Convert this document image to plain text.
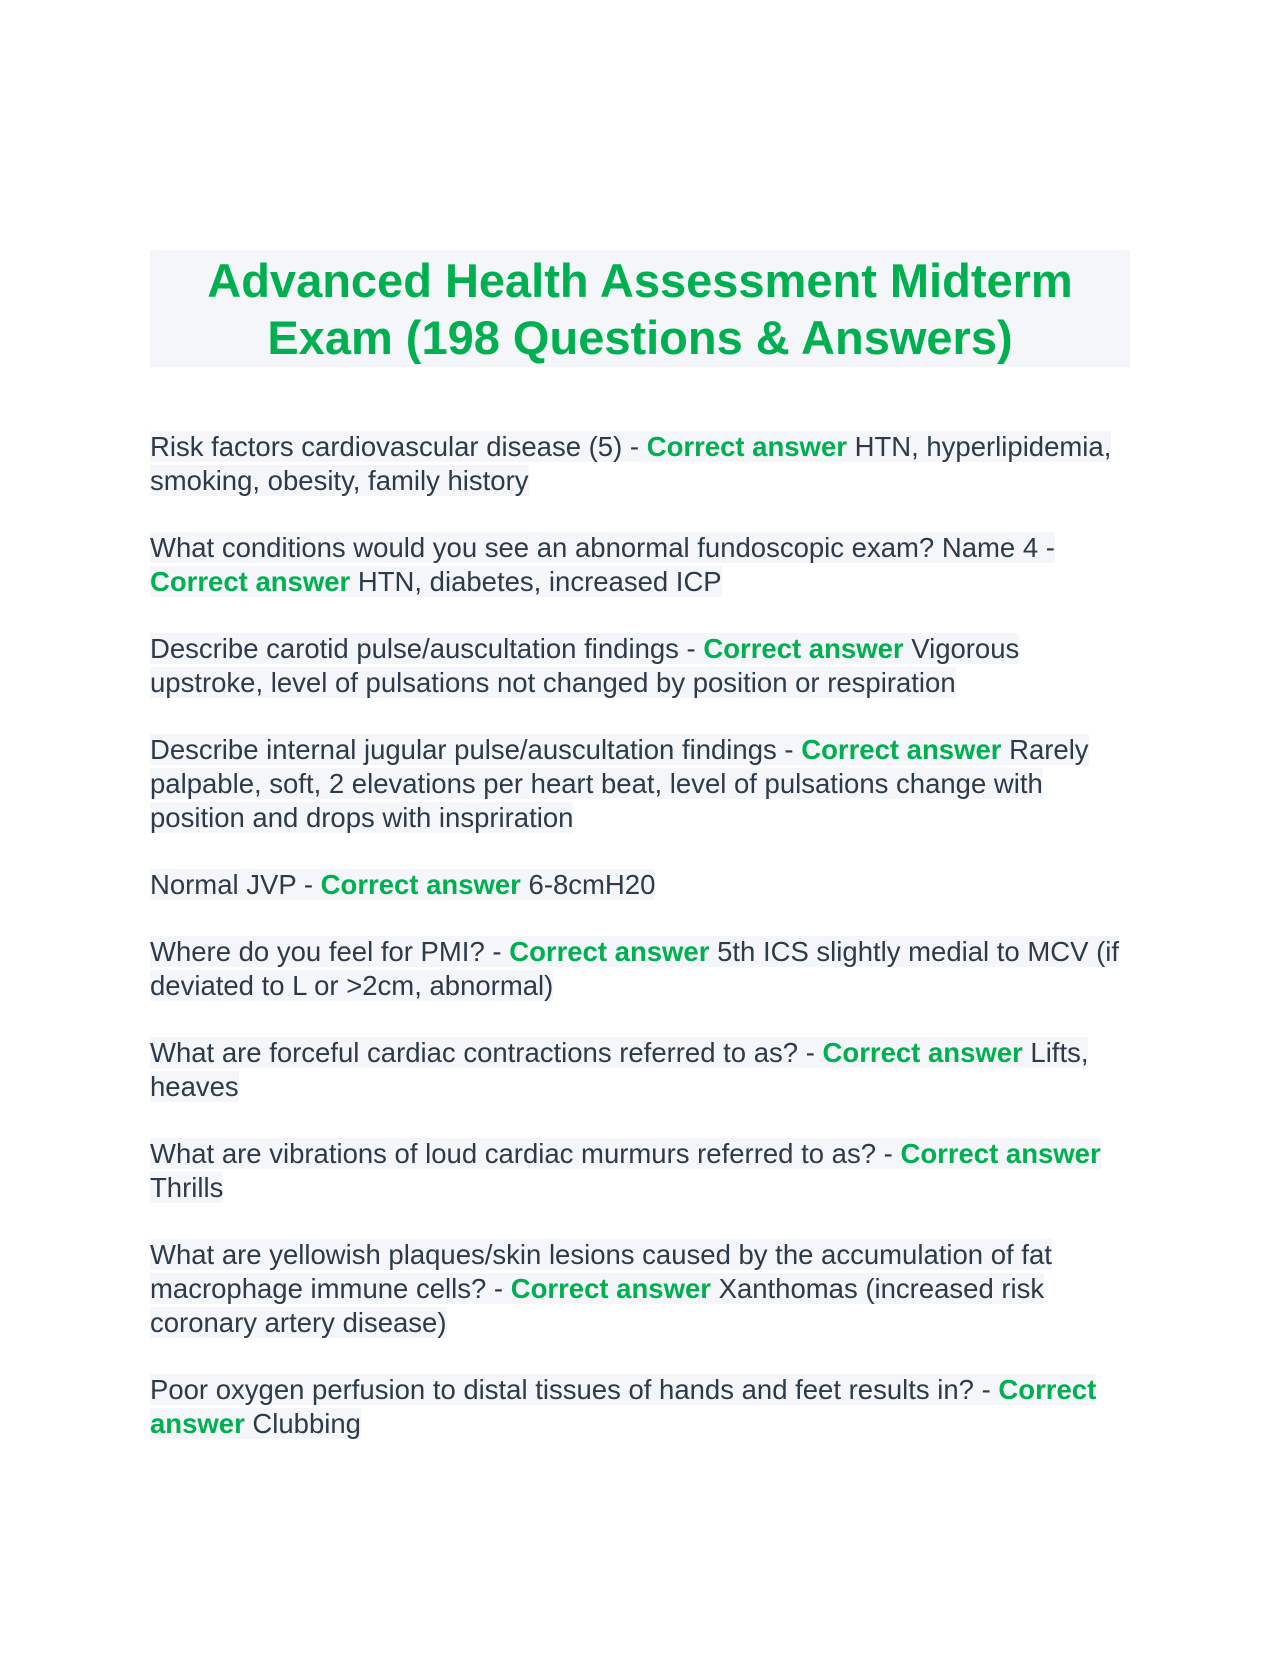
Advanced Health Assessment Midterm
Exam (198 Questions & Answers)

Risk factors cardiovascular disease (5) - Correct answer HTN, hyperlipidemia, smoking, obesity, family history

What conditions would you see an abnormal fundoscopic exam? Name 4 - Correct answer HTN, diabetes, increased ICP

Describe carotid pulse/auscultation findings - Correct answer Vigorous upstroke, level of pulsations not changed by position or respiration

Describe internal jugular pulse/auscultation findings - Correct answer Rarely palpable, soft, 2 elevations per heart beat, level of pulsations change with position and drops with inspriration

Normal JVP - Correct answer 6-8cmH20

Where do you feel for PMI? - Correct answer 5th ICS slightly medial to MCV (if deviated to L or >2cm, abnormal)

What are forceful cardiac contractions referred to as? - Correct answer Lifts, heaves

What are vibrations of loud cardiac murmurs referred to as? - Correct answer Thrills

What are yellowish plaques/skin lesions caused by the accumulation of fat macrophage immune cells? - Correct answer Xanthomas (increased risk coronary artery disease)

Poor oxygen perfusion to distal tissues of hands and feet results in? - Correct answer Clubbing
